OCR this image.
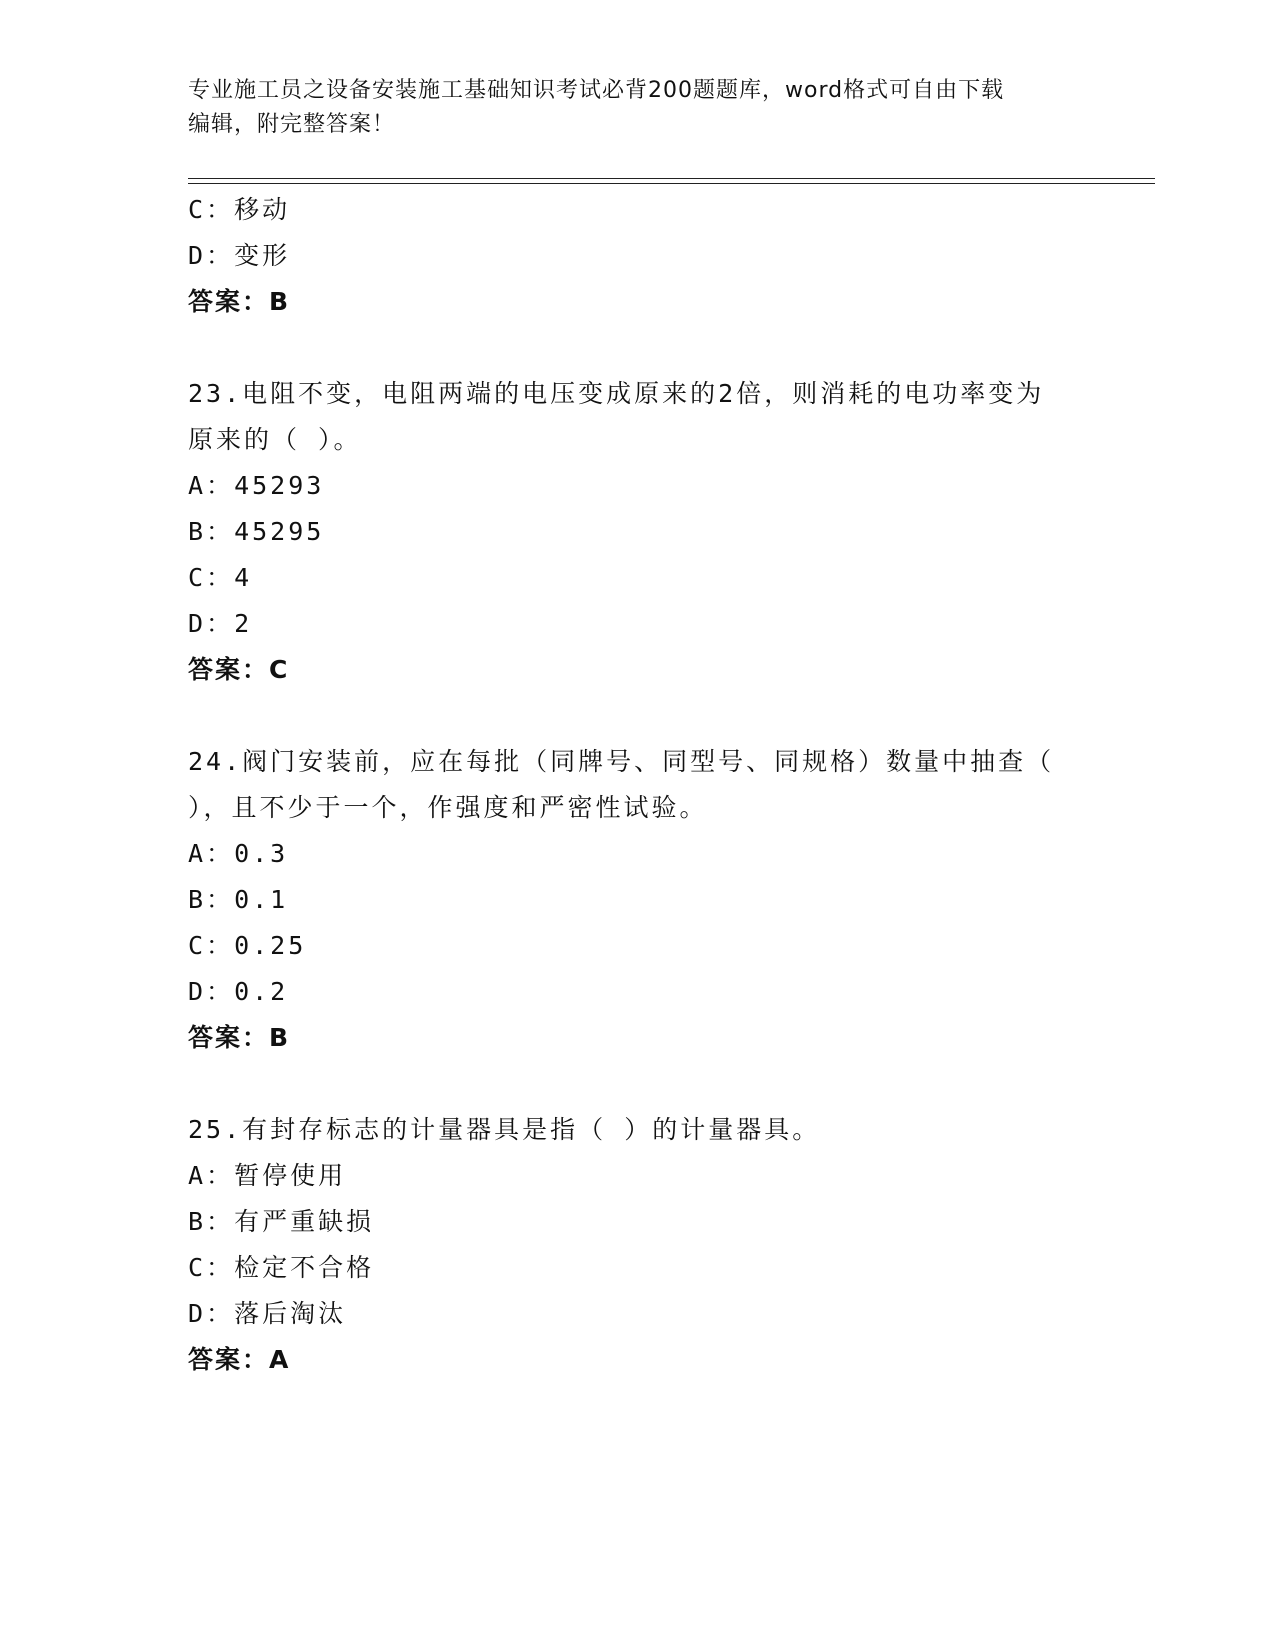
专业施工员之设备安装施工基础知识考试必背200题题库，word格式可自由下载
编辑，附完整答案！
C：移动
D：变形
答案：B
23.电阻不变，电阻两端的电压变成原来的2倍，则消耗的电功率变为
原来的（ ）。
A：45293
B：45295
C：4
D：2
答案：C
24.阀门安装前，应在每批（同牌号、同型号、同规格）数量中抽查（
），且不少于一个，作强度和严密性试验。
A：0.3
B：0.1
C：0.25
D：0.2
答案：B
25.有封存标志的计量器具是指（ ）的计量器具。
A：暂停使用
B：有严重缺损
C：检定不合格
D：落后淘汰
答案：A
